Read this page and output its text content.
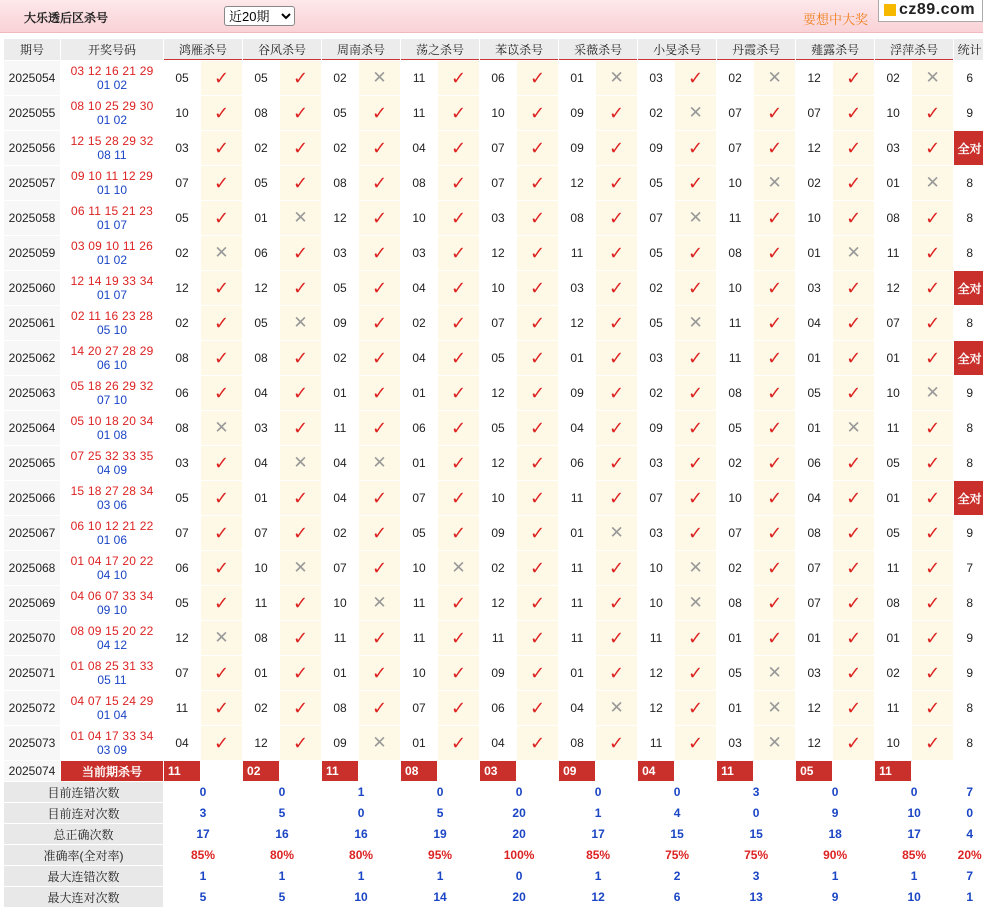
大乐透后区杀号
近20期	要想中大奖
cz89.com
期号	开奖号码	鸿雁杀号		谷风杀号		周南杀号		荡之杀号		苯苡杀号		采薇杀号		小旻杀号		丹霞杀号		薤露杀号		浮萍杀号		统计
2025054	03 12 16 21 29 01 02	05	✓	05	✓	02	✕	11	✓	06	✓	01	✕	03	✓	02	✕	12	✓	02	✕	6
2025055	08 10 25 29 30 01 02	10	✓	08	✓	05	✓	11	✓	10	✓	09	✓	02	✕	07	✓	07	✓	10	✓	9
2025056	12 15 28 29 32 08 11	03	✓	02	✓	02	✓	04	✓	07	✓	09	✓	09	✓	07	✓	12	✓	03	✓	全对
2025057	09 10 11 12 29 01 10	07	✓	05	✓	08	✓	08	✓	07	✓	12	✓	05	✓	10	✕	02	✓	01	✕	8
2025058	06 11 15 21 23 01 07	05	✓	01	✕	12	✓	10	✓	03	✓	08	✓	07	✕	11	✓	10	✓	08	✓	8
2025059	03 09 10 11 26 01 02	02	✕	06	✓	03	✓	03	✓	12	✓	11	✓	05	✓	08	✓	01	✕	11	✓	8
2025060	12 14 19 33 34 01 07	12	✓	12	✓	05	✓	04	✓	10	✓	03	✓	02	✓	10	✓	03	✓	12	✓	全对
2025061	02 11 16 23 28 05 10	02	✓	05	✕	09	✓	02	✓	07	✓	12	✓	05	✕	11	✓	04	✓	07	✓	8
2025062	14 20 27 28 29 06 10	08	✓	08	✓	02	✓	04	✓	05	✓	01	✓	03	✓	11	✓	01	✓	01	✓	全对
2025063	05 18 26 29 32 07 10	06	✓	04	✓	01	✓	01	✓	12	✓	09	✓	02	✓	08	✓	05	✓	10	✕	9
2025064	05 10 18 20 34 01 08	08	✕	03	✓	11	✓	06	✓	05	✓	04	✓	09	✓	05	✓	01	✕	11	✓	8
2025065	07 25 32 33 35 04 09	03	✓	04	✕	04	✕	01	✓	12	✓	06	✓	03	✓	02	✓	06	✓	05	✓	8
2025066	15 18 27 28 34 03 06	05	✓	01	✓	04	✓	07	✓	10	✓	11	✓	07	✓	10	✓	04	✓	01	✓	全对
2025067	06 10 12 21 22 01 06	07	✓	07	✓	02	✓	05	✓	09	✓	01	✕	03	✓	07	✓	08	✓	05	✓	9
2025068	01 04 17 20 22 04 10	06	✓	10	✕	07	✓	10	✕	02	✓	11	✓	10	✕	02	✓	07	✓	11	✓	7
2025069	04 06 07 33 34 09 10	05	✓	11	✓	10	✕	11	✓	12	✓	11	✓	10	✕	08	✓	07	✓	08	✓	8
2025070	08 09 15 20 22 04 12	12	✕	08	✓	11	✓	11	✓	11	✓	11	✓	11	✓	01	✓	01	✓	01	✓	9
2025071	01 08 25 31 33 05 11	07	✓	01	✓	01	✓	10	✓	09	✓	01	✓	12	✓	05	✕	03	✓	02	✓	9
2025072	04 07 15 24 29 01 04	11	✓	02	✓	08	✓	07	✓	06	✓	04	✕	12	✓	01	✕	12	✓	11	✓	8
2025073	01 04 17 33 34 03 09	04	✓	12	✓	09	✕	01	✓	04	✓	08	✓	11	✓	03	✕	12	✓	10	✓	8
2025074	当前期杀号	11		02		11		08		03		09		04		11		05		11		
目前连错次数		0		0		1		0		0		0		0		3		0		0		7
目前连对次数		3		5		0		5		20		1		4		0		9		10		0
总正确次数		17		16		16		19		20		17		15		15		18		17		4
准确率(全对率)		85%		80%		80%		95%		100%		85%		75%		75%		90%		85%		20%
最大连错次数		1		1		1		1		0		1		2		3		1		1		7
最大连对次数		5		5		10		14		20		12		6		13		9		10		1
